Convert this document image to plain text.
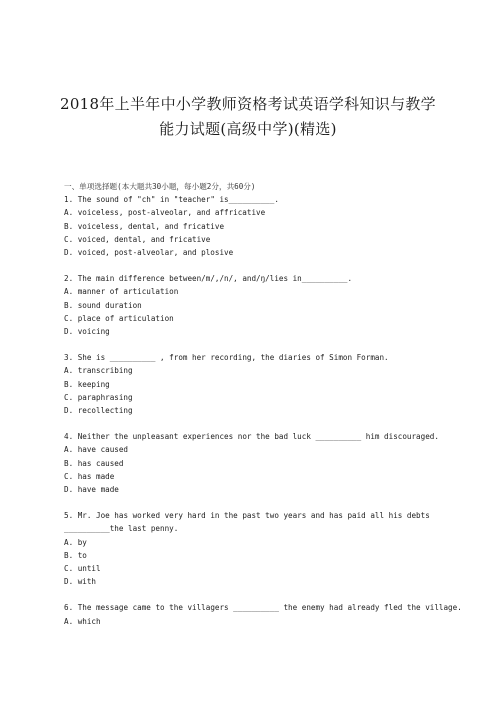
2018年上半年中小学教师资格考试英语学科知识与教学
能力试题(高级中学)(精选)
一、单项选择题(本大题共30小题，每小题2分，共60分)
1. The sound of "ch" in "teacher" is__________.
A. voiceless, post-alveolar, and affricative
B. voiceless, dental, and fricative
C. voiced, dental, and fricative
D. voiced, post-alveolar, and plosive
2. The main difference between/m/,/n/, and/ŋ/lies in__________.
A. manner of articulation
B. sound duration
C. place of articulation
D. voicing
3. She is __________ , from her recording, the diaries of Simon Forman.
A. transcribing
B. keeping
C. paraphrasing
D. recollecting
4. Neither the unpleasant experiences nor the bad luck __________ him discouraged.
A. have caused
B. has caused
C. has made
D. have made
5. Mr. Joe has worked very hard in the past two years and has paid all his debts __________the last penny.
A. by
B. to
C. until
D. with
6. The message came to the villagers __________ the enemy had already fled the village.
A. which
